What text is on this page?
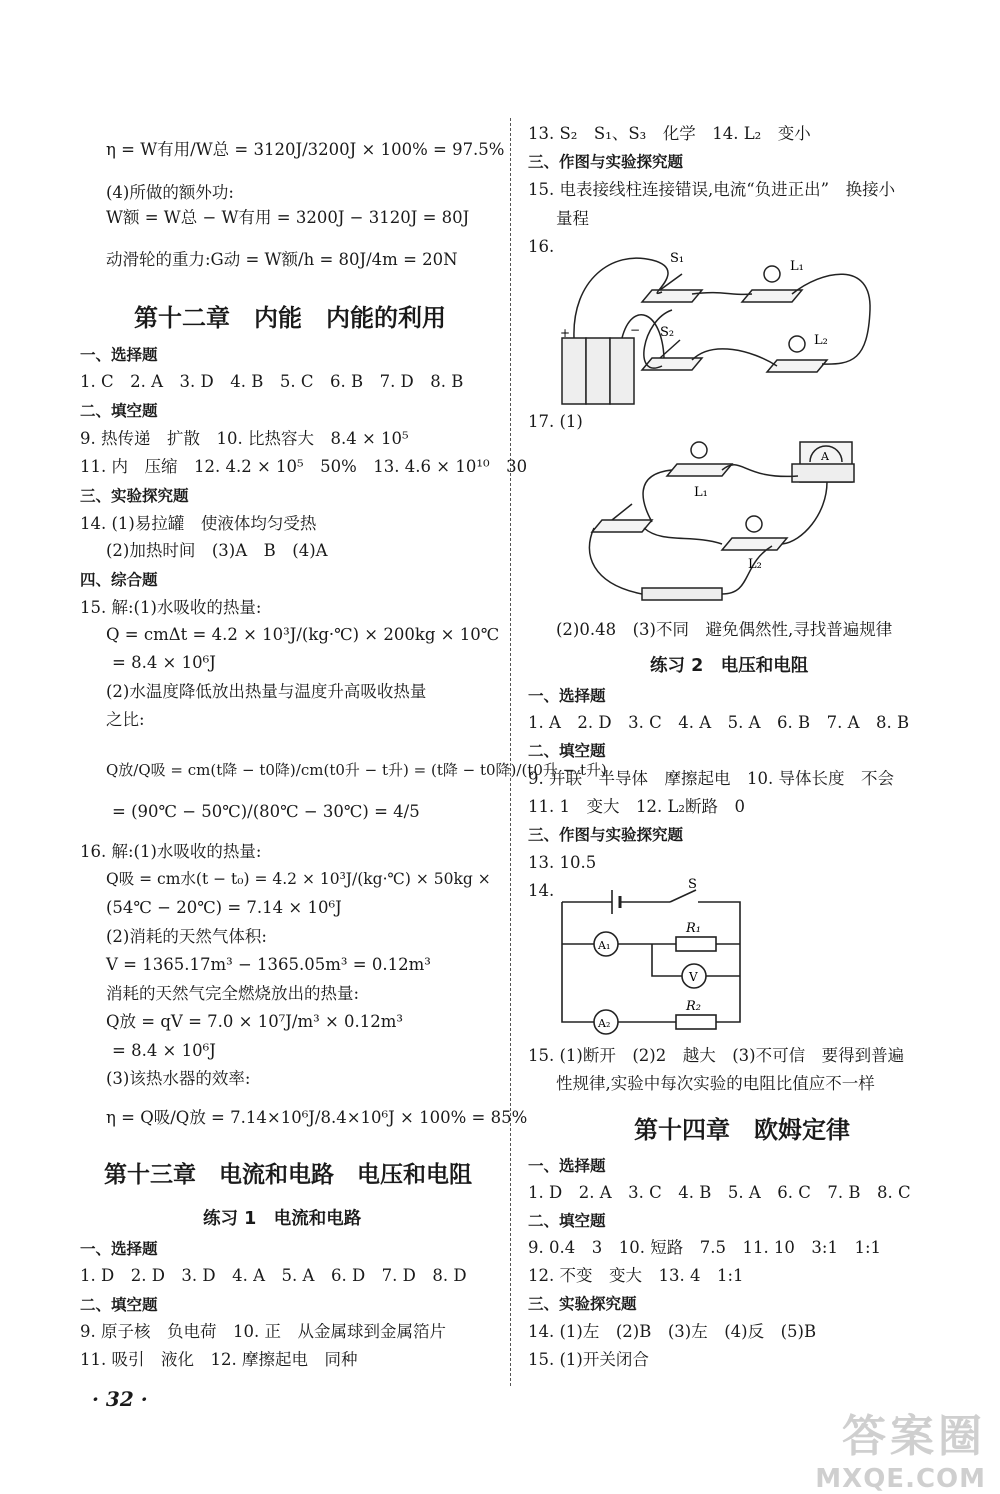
η = W有用/W总 = 3120J/3200J × 100% = 97.5%
(4)所做的额外功:
W额 = W总 − W有用 = 3200J − 3120J = 80J
动滑轮的重力:G动 = W额/h = 80J/4m = 20N
第十二章　内能　内能的利用
一、选择题
1. C　2. A　3. D　4. B　5. C　6. B　7. D　8. B
二、填空题
9. 热传递　扩散　10. 比热容大　8.4 × 10⁵
11. 内　压缩　12. 4.2 × 10⁵　50%　13. 4.6 × 10¹⁰　30
三、实验探究题
14. (1)易拉罐　使液体均匀受热
(2)加热时间　(3)A　B　(4)A
四、综合题
15. 解:(1)水吸收的热量:
Q = cmΔt = 4.2 × 10³J/(kg·℃) × 200kg × 10℃
= 8.4 × 10⁶J
(2)水温度降低放出热量与温度升高吸收热量
之比:
Q放/Q吸 = cm(t降 − t0降)/cm(t0升 − t升) = (t降 − t0降)/(t0升 − t升)
= (90℃ − 50℃)/(80℃ − 30℃) = 4/5
16. 解:(1)水吸收的热量:
Q吸 = cm水(t − t₀) = 4.2 × 10³J/(kg·℃) × 50kg ×
(54℃ − 20℃) = 7.14 × 10⁶J
(2)消耗的天然气体积:
V = 1365.17m³ − 1365.05m³ = 0.12m³
消耗的天然气完全燃烧放出的热量:
Q放 = qV = 7.0 × 10⁷J/m³ × 0.12m³
= 8.4 × 10⁶J
(3)该热水器的效率:
η = Q吸/Q放 = 7.14×10⁶J/8.4×10⁶J × 100% = 85%
第十三章　电流和电路　电压和电阻
练习 1　电流和电路
一、选择题
1. D　2. D　3. D　4. A　5. A　6. D　7. D　8. D
二、填空题
9. 原子核　负电荷　10. 正　从金属球到金属箔片
11. 吸引　液化　12. 摩擦起电　同种
· 32 ·
13. S₂　S₁、S₃　化学　14. L₂　变小
三、作图与实验探究题
15. 电表接线柱连接错误,电流“负进正出”　换接小
量程
16.
+	−
S₁
S₂
L₁
L₂
17. (1)
L₁
L₂
A
(2)0.48　(3)不同　避免偶然性,寻找普遍规律
练习 2　电压和电阻
一、选择题
1. A　2. D　3. C　4. A　5. A　6. B　7. A　8. B
二、填空题
9. 并联　半导体　摩擦起电　10. 导体长度　不会
11. 1　变大　12. L₂断路　0
三、作图与实验探究题
13. 10.5
14.	S
R₁
R₂
A₁
A₂
V
15. (1)断开　(2)2　越大　(3)不可信　要得到普遍
性规律,实验中每次实验的电阻比值应不一样
第十四章　欧姆定律
一、选择题
1. D　2. A　3. C　4. B　5. A　6. C　7. B　8. C
二、填空题
9. 0.4　3　10. 短路　7.5　11. 10　3:1　1:1
12. 不变　变大　13. 4　1:1
三、实验探究题
14. (1)左　(2)B　(3)左　(4)反　(5)B
15. (1)开关闭合
答案圈
MXQE.COM
